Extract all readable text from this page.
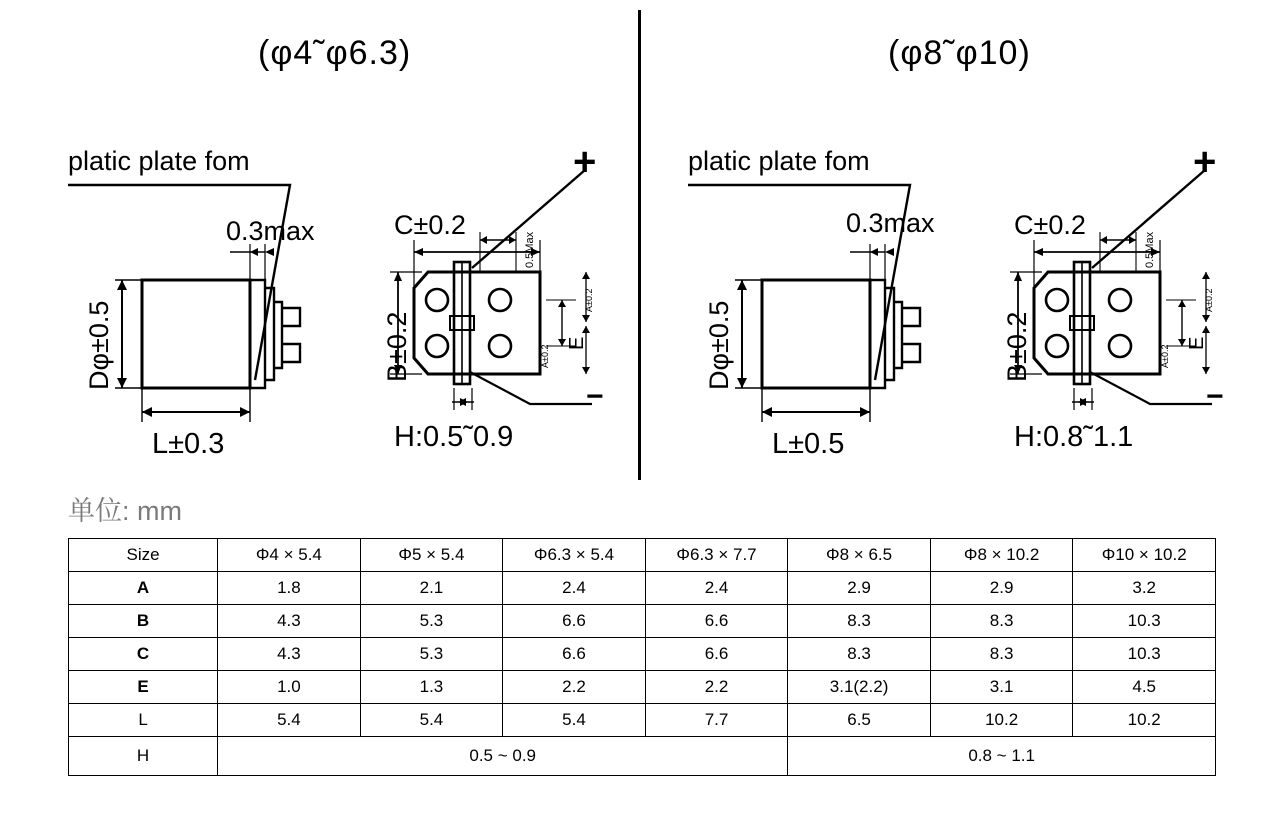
(φ4˜φ6.3)
platic plate fom
0.3max
Dφ±0.5
L±0.3
C±0.2
B±0.2
0.5Max
E
A±0.2
A±0.2
+
−
H:0.5˜0.9
(φ8˜φ10)
platic plate fom
0.3max
Dφ±0.5
L±0.5
C±0.2
B±0.2
0.5Max
E
A±0.2
A±0.2
+
−
H:0.8˜1.1
单位: mm
Size	Φ4 × 5.4	Φ5 × 5.4	Φ6.3 × 5.4	Φ6.3 × 7.7	Φ8 × 6.5	Φ8 × 10.2	Φ10 × 10.2
A	1.8	2.1	2.4	2.4	2.9	2.9	3.2
B	4.3	5.3	6.6	6.6	8.3	8.3	10.3
C	4.3	5.3	6.6	6.6	8.3	8.3	10.3
E	1.0	1.3	2.2	2.2	3.1(2.2)	3.1	4.5
L	5.4	5.4	5.4	7.7	6.5	10.2	10.2
H	0.5 ~ 0.9				0.8 ~ 1.1		
